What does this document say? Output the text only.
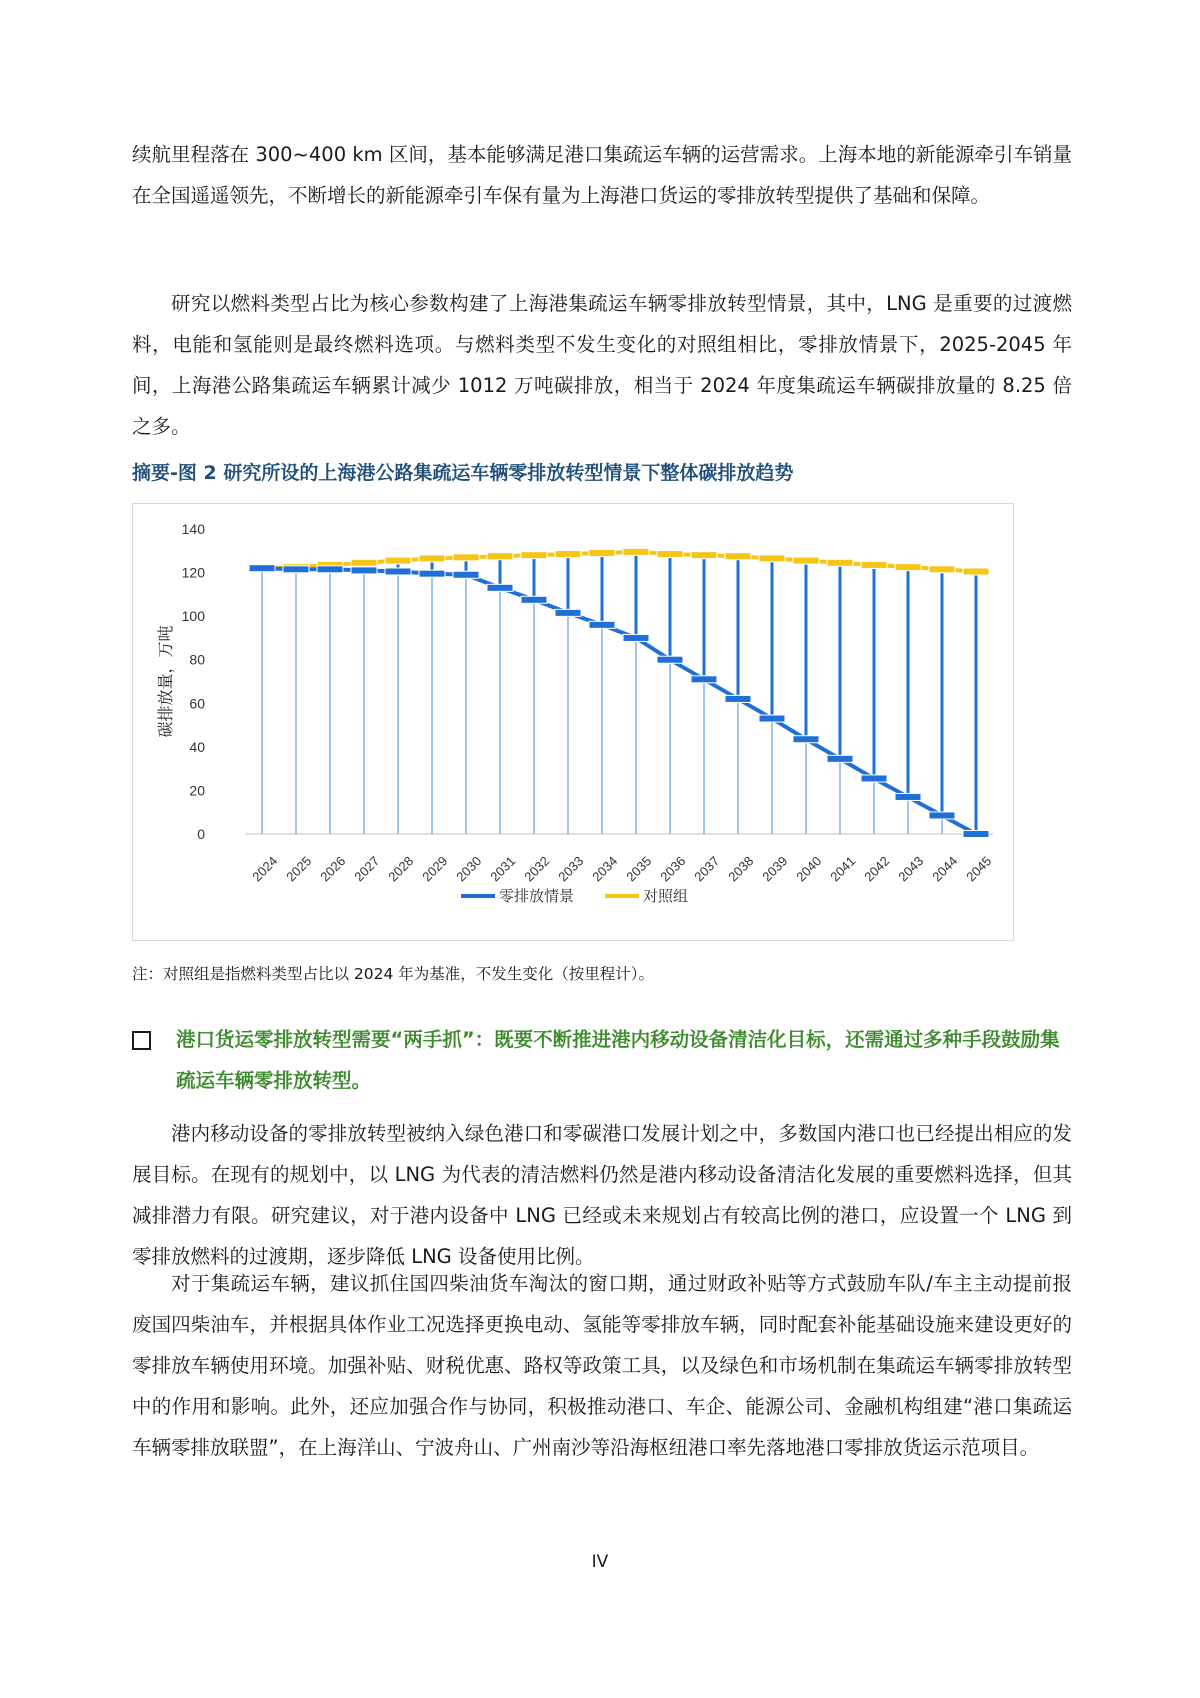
续航里程落在 300~400 km 区间，基本能够满足港口集疏运车辆的运营需求。上海本地的新能源牵引车销量在全国遥遥领先，不断增长的新能源牵引车保有量为上海港口货运的零排放转型提供了基础和保障。

研究以燃料类型占比为核心参数构建了上海港集疏运车辆零排放转型情景，其中，LNG 是重要的过渡燃料，电能和氢能则是最终燃料选项。与燃料类型不发生变化的对照组相比，零排放情景下，2025-2045 年间，上海港公路集疏运车辆累计减少 1012 万吨碳排放，相当于 2024 年度集疏运车辆碳排放量的 8.25 倍之多。

摘要-图 2 研究所设的上海港公路集疏运车辆零排放转型情景下整体碳排放趋势

0
20
40
60
80
100
120
140
2024 2025 2026 2027 2028 2029 2030 2031 2032 2033 2034 2035 2036 2037 2038 2039 2040 2041 2042 2043 2044 2045
碳排放量，万吨
零排放情景	对照组

注：对照组是指燃料类型占比以 2024 年为基准，不发生变化（按里程计）。

港口货运零排放转型需要“两手抓”：既要不断推进港内移动设备清洁化目标，还需通过多种手段鼓励集疏运车辆零排放转型。

港内移动设备的零排放转型被纳入绿色港口和零碳港口发展计划之中，多数国内港口也已经提出相应的发展目标。在现有的规划中，以 LNG 为代表的清洁燃料仍然是港内移动设备清洁化发展的重要燃料选择，但其减排潜力有限。研究建议，对于港内设备中 LNG 已经或未来规划占有较高比例的港口，应设置一个 LNG 到零排放燃料的过渡期，逐步降低 LNG 设备使用比例。

对于集疏运车辆，建议抓住国四柴油货车淘汰的窗口期，通过财政补贴等方式鼓励车队/车主主动提前报废国四柴油车，并根据具体作业工况选择更换电动、氢能等零排放车辆，同时配套补能基础设施来建设更好的零排放车辆使用环境。加强补贴、财税优惠、路权等政策工具，以及绿色和市场机制在集疏运车辆零排放转型中的作用和影响。此外，还应加强合作与协同，积极推动港口、车企、能源公司、金融机构组建“港口集疏运车辆零排放联盟”，在上海洋山、宁波舟山、广州南沙等沿海枢纽港口率先落地港口零排放货运示范项目。

IV
